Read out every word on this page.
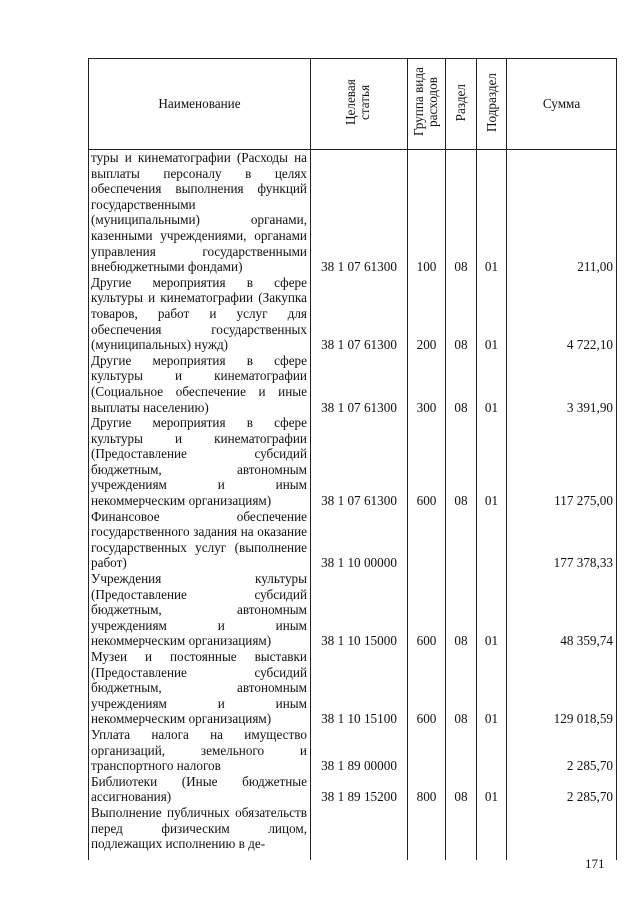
Наименование	Целевая статья	Группа вида расходов	Раздел	Подраздел	Сумма
туры и кинематографии (Расходы на выплаты персоналу в целях обеспечения выполнения функций государственными (муниципальными) органами, казенными учреждениями, органами управления государственными внебюджетными фондами)	38 1 07 61300	100	08	01	211,00
Другие мероприятия в сфере культуры и кинематографии (Закупка товаров, работ и услуг для обеспечения государственных (муниципальных) нужд)	38 1 07 61300	200	08	01	4 722,10
Другие мероприятия в сфере культуры и кинематографии (Социальное обеспечение и иные выплаты населению)	38 1 07 61300	300	08	01	3 391,90
Другие мероприятия в сфере культуры и кинематографии (Предоставление субсидий бюджетным, автономным учреждениям и иным некоммерческим организациям)	38 1 07 61300	600	08	01	117 275,00
Финансовое обеспечение государственного задания на оказание государственных услуг (выполнение работ)	38 1 10 00000				177 378,33
Учреждения культуры (Предоставление субсидий бюджетным, автономным учреждениям и иным некоммерческим организациям)	38 1 10 15000	600	08	01	48 359,74
Музеи и постоянные выставки (Предоставление субсидий бюджетным, автономным учреждениям и иным некоммерческим организациям)	38 1 10 15100	600	08	01	129 018,59
Уплата налога на имущество организаций, земельного и транспортного налогов	38 1 89 00000				2 285,70
Библиотеки (Иные бюджетные ассигнования)	38 1 89 15200	800	08	01	2 285,70
Выполнение публичных обязательств перед физическим лицом, подлежащих исполнению в де-					
171
